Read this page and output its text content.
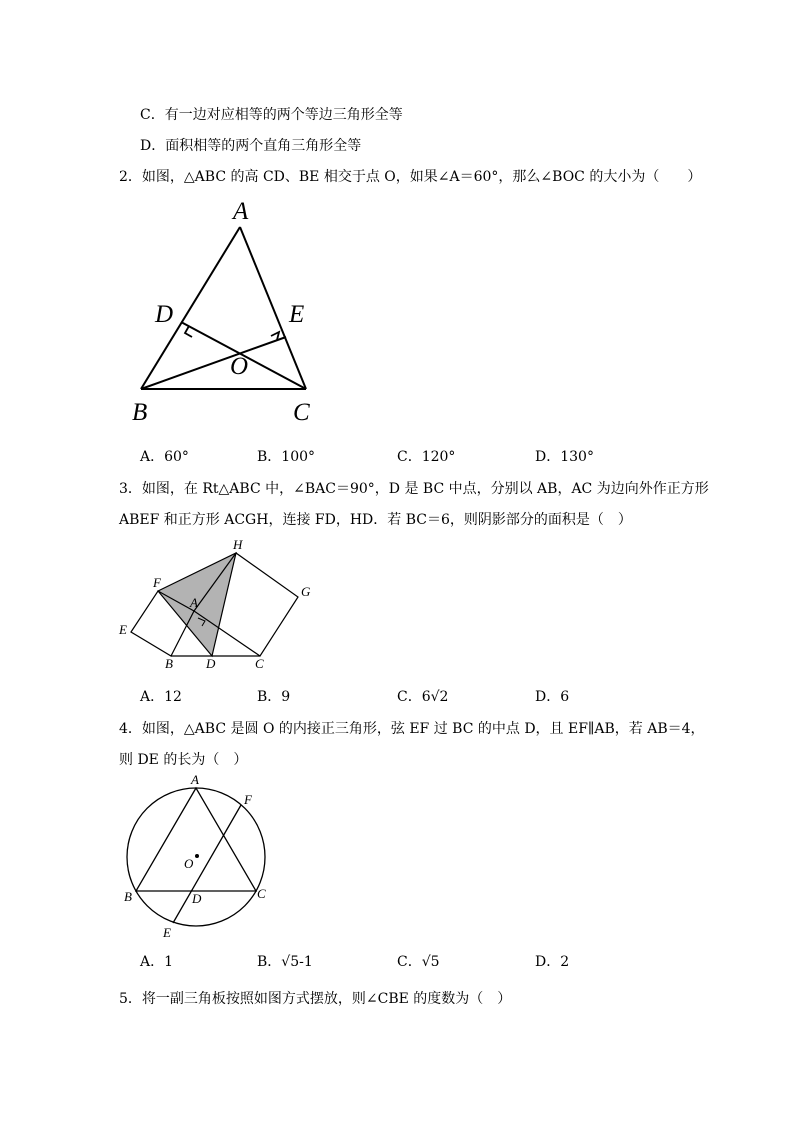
C．有一边对应相等的两个等边三角形全等
D．面积相等的两个直角三角形全等
2．如图，△ABC 的高 CD、BE 相交于点 O，如果∠A＝60°，那么∠BOC 的大小为（　　）
A
D	E
O
B	C
A．60°	B．100°	C．120°	D．130°
3．如图，在 Rt△ABC 中，∠BAC＝90°，D 是 BC 中点，分别以 AB，AC 为边向外作正方形
ABEF 和正方形 ACGH，连接 FD，HD．若 BC＝6，则阴影部分的面积是（　）
F
H
G
E
A
B	D	C
A．12	B．9	C．6√2	D．6
4．如图，△ABC 是圆 O 的内接正三角形，弦 EF 过 BC 的中点 D，且 EF∥AB，若 AB＝4，
则 DE 的长为（　）
A
F
O
B	D	C
E
A．1	B．√5-1	C．√5	D．2
5．将一副三角板按照如图方式摆放，则∠CBE 的度数为（　）
